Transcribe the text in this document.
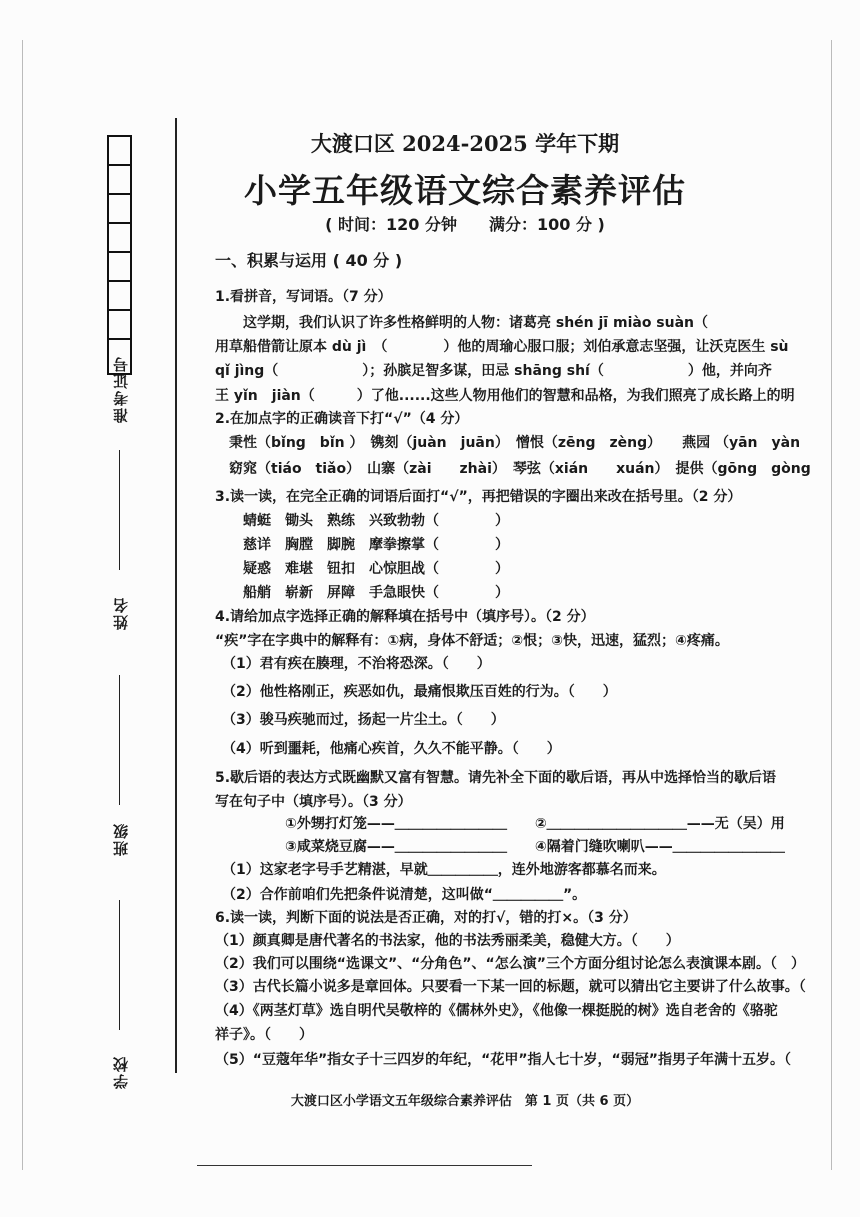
准考证号
姓名
班级
学校
大渡口区 2024-2025 学年下期
小学五年级语文综合素养评估
( 时间：120 分钟　　满分：100 分 )
一、积累与运用 ( 40 分 )
1.看拼音，写词语。（7 分）
　　这学期，我们认识了许多性格鲜明的人物：诸葛亮 shén jī miào suàn（
用草船借箭让原本 dù jì　（　　　　）他的周瑜心服口服；刘伯承意志坚强，让沃克医生 sù
qǐ jìng（　　　　　　）；孙膑足智多谋，田忌 shāng shí（　　　　　　）他，并向齐
王 yǐn　jiàn（　　　）了他......这些人物用他们的智慧和品格，为我们照亮了成长路上的明
2.在加点字的正确读音下打“√”（4 分）
　秉性（bǐng　bǐn ）　镌刻（juàn　juān）　憎恨（zēng　zèng）　　燕园 （yān　yàn
　窈窕（tiáo　tiǎo）　山寨（zài　　zhài）　琴弦（xián　　xuán）　提供（gōng　gòng
3.读一读，在完全正确的词语后面打“√”，再把错误的字圈出来改在括号里。（2 分）
　　蜻蜓　锄头　熟练　兴致勃勃（　　　　）
　　慈详　胸膛　脚腕　摩拳擦掌（　　　　）
　　疑惑　难堪　钮扣　心惊胆战（　　　　）
　　船艄　崭新　屏障　手急眼快（　　　　）
4.请给加点字选择正确的解释填在括号中（填序号）。（2 分）
“疾”字在字典中的解释有：①病，身体不舒适；②恨；③快，迅速，猛烈；④疼痛。
　（1）君有疾在腠理，不治将恐深。（　　）
　（2）他性格刚正，疾恶如仇，最痛恨欺压百姓的行为。（　　）
　（3）骏马疾驰而过，扬起一片尘土。（　　）
　（4）听到噩耗，他痛心疾首，久久不能平静。（　　）
5.歇后语的表达方式既幽默又富有智慧。请先补全下面的歇后语，再从中选择恰当的歇后语
写在句子中（填序号）。（3 分）
　　　　　①外甥打灯笼——＿＿＿＿＿＿＿＿　　②＿＿＿＿＿＿＿＿＿＿——无（吴）用
　　　　　③咸菜烧豆腐——＿＿＿＿＿＿＿＿　　④隔着门缝吹喇叭——＿＿＿＿＿＿＿＿
　（1）这家老字号手艺精湛，早就＿＿＿＿＿，连外地游客都慕名而来。
　（2）合作前咱们先把条件说清楚，这叫做“＿＿＿＿＿”。
6.读一读，判断下面的说法是否正确，对的打√，错的打×。（3 分）
（1）颜真卿是唐代著名的书法家，他的书法秀丽柔美，稳健大方。（　　）
（2）我们可以围绕“选课文”、“分角色”、“怎么演”三个方面分组讨论怎么表演课本剧。（　）
（3）古代长篇小说多是章回体。只要看一下某一回的标题，就可以猜出它主要讲了什么故事。（
（4）《两茎灯草》选自明代吴敬梓的《儒林外史》，《他像一棵挺脱的树》选自老舍的《骆驼
祥子》。（　　）
（5）“豆蔻年华”指女子十三四岁的年纪，“花甲”指人七十岁，“弱冠”指男子年满十五岁。（
大渡口区小学语文五年级综合素养评估　第 1 页（共 6 页）
